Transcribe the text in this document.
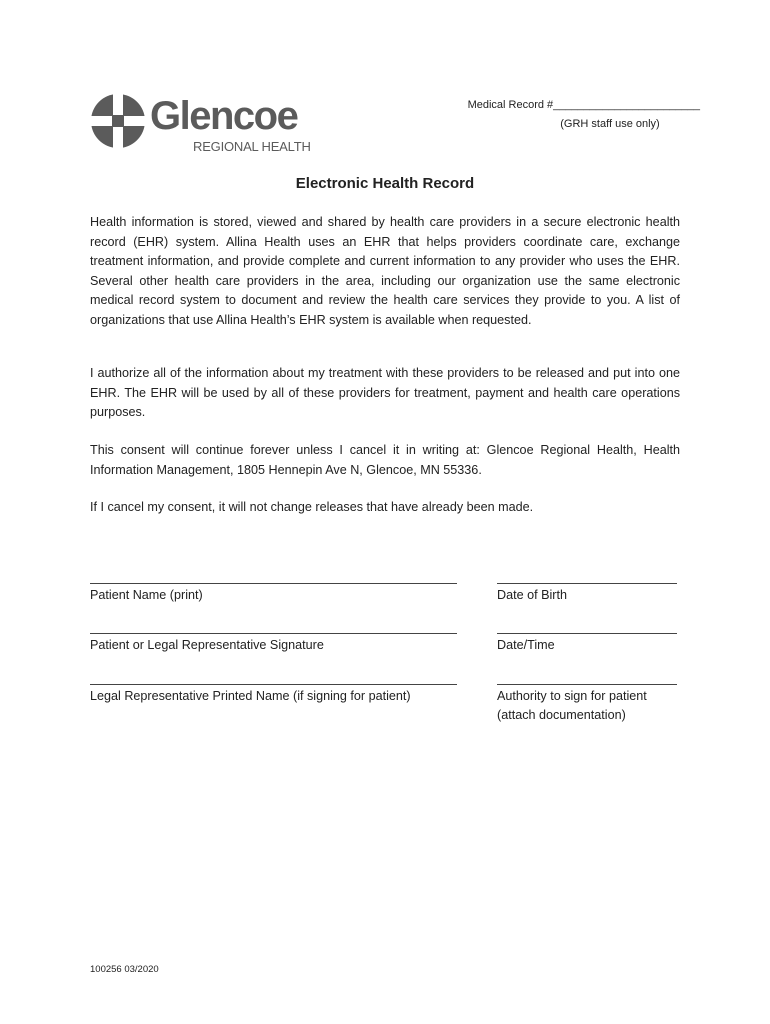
Glencoe
REGIONAL HEALTH
Medical Record #________________________
(GRH staff use only)
Electronic Health Record

Health information is stored, viewed and shared by health care providers in a secure electronic health record (EHR) system. Allina Health uses an EHR that helps providers coordinate care, exchange treatment information, and provide complete and current information to any provider who uses the EHR. Several other health care providers in the area, including our organization use the same electronic medical record system to document and review the health care services they provide to you. A list of organizations that use Allina Health’s EHR system is available when requested.

I authorize all of the information about my treatment with these providers to be released and put into one EHR. The EHR will be used by all of these providers for treatment, payment and health care operations purposes.

This consent will continue forever unless I cancel it in writing at: Glencoe Regional Health, Health Information Management, 1805 Hennepin Ave N, Glencoe, MN 55336.

If I cancel my consent, it will not change releases that have already been made.

Patient Name (print)	Date of Birth
Patient or Legal Representative Signature	Date/Time
Legal Representative Printed Name (if signing for patient)	Authority to sign for patient
(attach documentation)
100256 03/2020
